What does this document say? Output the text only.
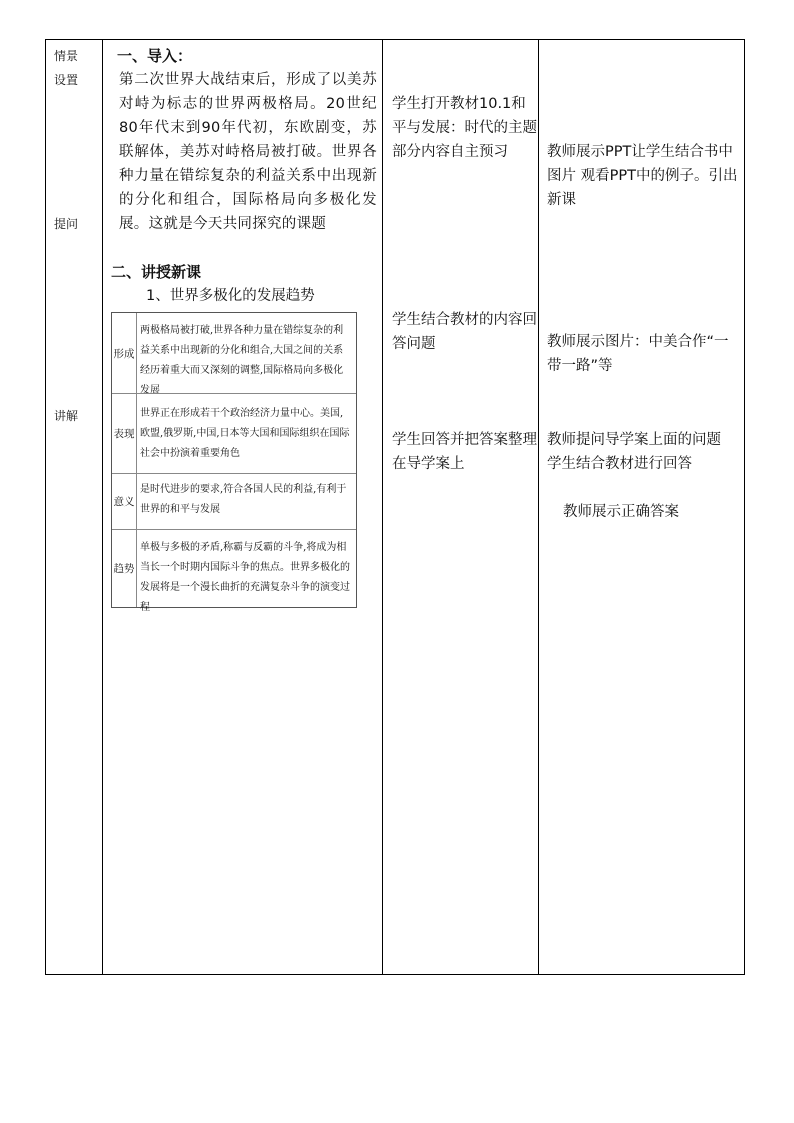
情景
设置
提问
讲解
一、导入：
第二次世界大战结束后，形成了以美苏对峙为标志的世界两极格局。20世纪80年代末到90年代初，东欧剧变，苏联解体，美苏对峙格局被打破。世界各种力量在错综复杂的利益关系中出现新的分化和组合，国际格局向多极化发展。这就是今天共同探究的课题
二、讲授新课
1、世界多极化的发展趋势
形成
两极格局被打破,世界各种力量在错综复杂的利益关系中出现新的分化和组合,大国之间的关系经历着重大而又深刻的调整,国际格局向多极化发展
表现
世界正在形成若干个政治经济力量中心。美国,欧盟,俄罗斯,中国,日本等大国和国际组织在国际社会中扮演着重要角色
意义
是时代进步的要求,符合各国人民的利益,有利于世界的和平与发展
趋势
单极与多极的矛盾,称霸与反霸的斗争,将成为相当长一个时期内国际斗争的焦点。世界多极化的发展将是一个漫长曲折的充满复杂斗争的演变过程
学生打开教材10.1和平与发展：时代的主题部分内容自主预习
学生结合教材的内容回答问题
学生回答并把答案整理在导学案上
教师展示PPT让学生结合书中图片 观看PPT中的例子。引出新课
教师展示图片：中美合作“一带一路”等
教师提问导学案上面的问题　学生结合教材进行回答
教师展示正确答案
